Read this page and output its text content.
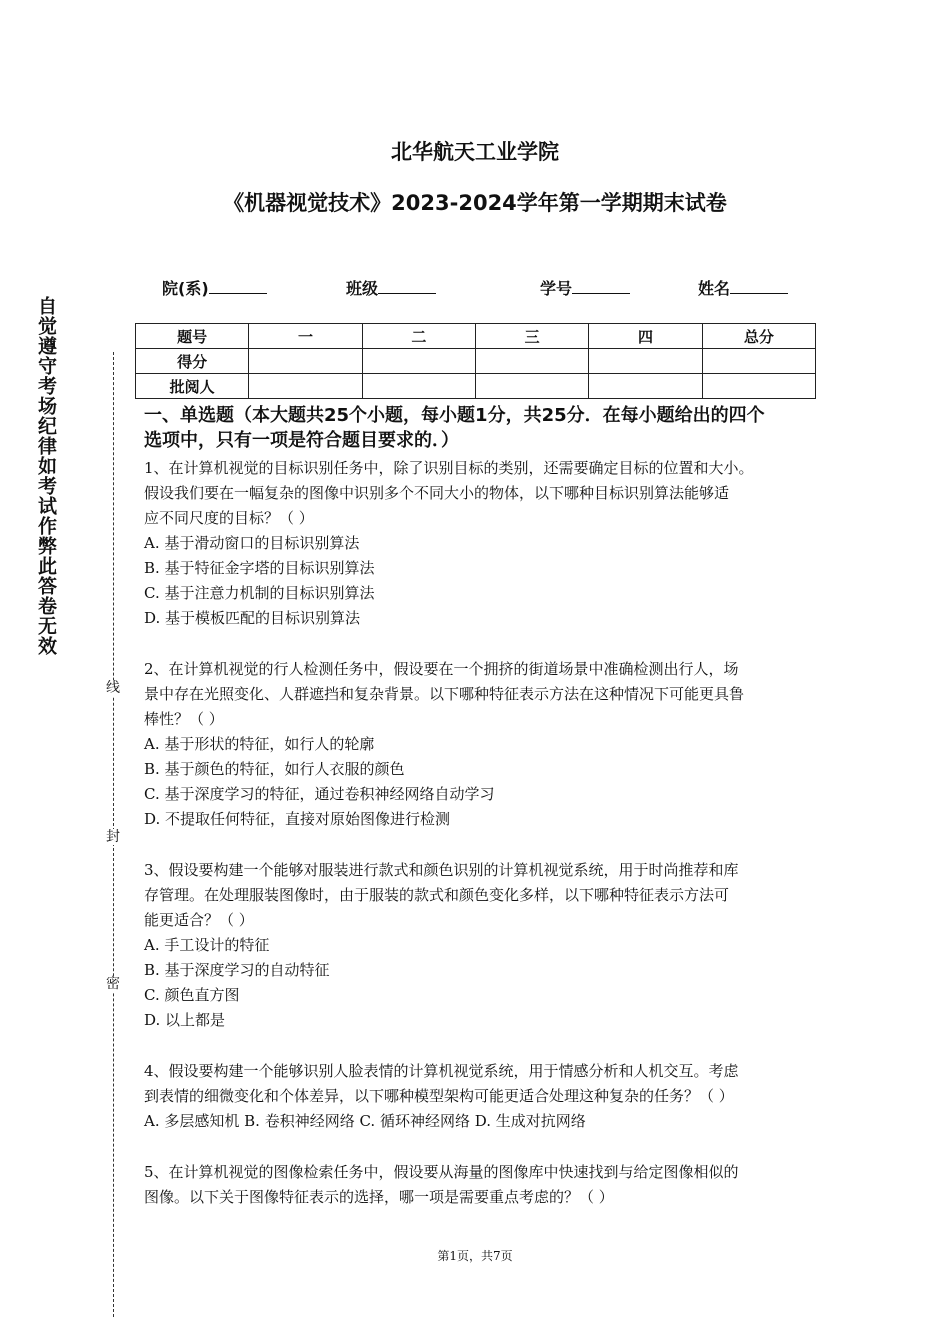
北华航天工业学院
《机器视觉技术》2023-2024学年第一学期期末试卷
院(系)	班级	学号	姓名
题号	一	二	三	四	总分
得分					
批阅人					
自觉遵守考场纪律如考试作弊此答卷无效
线
封
密
一、单选题（本大题共25个小题，每小题1分，共25分．在每小题给出的四个
选项中，只有一项是符合题目要求的．）
1、在计算机视觉的目标识别任务中，除了识别目标的类别，还需要确定目标的位置和大小。
假设我们要在一幅复杂的图像中识别多个不同大小的物体，以下哪种目标识别算法能够适
应不同尺度的目标？（ ）
A. 基于滑动窗口的目标识别算法
B. 基于特征金字塔的目标识别算法
C. 基于注意力机制的目标识别算法
D. 基于模板匹配的目标识别算法
2、在计算机视觉的行人检测任务中，假设要在一个拥挤的街道场景中准确检测出行人，场
景中存在光照变化、人群遮挡和复杂背景。以下哪种特征表示方法在这种情况下可能更具鲁
棒性？（ ）
A. 基于形状的特征，如行人的轮廓
B. 基于颜色的特征，如行人衣服的颜色
C. 基于深度学习的特征，通过卷积神经网络自动学习
D. 不提取任何特征，直接对原始图像进行检测
3、假设要构建一个能够对服装进行款式和颜色识别的计算机视觉系统，用于时尚推荐和库
存管理。在处理服装图像时，由于服装的款式和颜色变化多样，以下哪种特征表示方法可
能更适合？（ ）
A. 手工设计的特征
B. 基于深度学习的自动特征
C. 颜色直方图
D. 以上都是
4、假设要构建一个能够识别人脸表情的计算机视觉系统，用于情感分析和人机交互。考虑
到表情的细微变化和个体差异，以下哪种模型架构可能更适合处理这种复杂的任务？（ ）
A. 多层感知机 B. 卷积神经网络 C. 循环神经网络 D. 生成对抗网络
5、在计算机视觉的图像检索任务中，假设要从海量的图像库中快速找到与给定图像相似的
图像。以下关于图像特征表示的选择，哪一项是需要重点考虑的？（ ）
第1页，共7页
